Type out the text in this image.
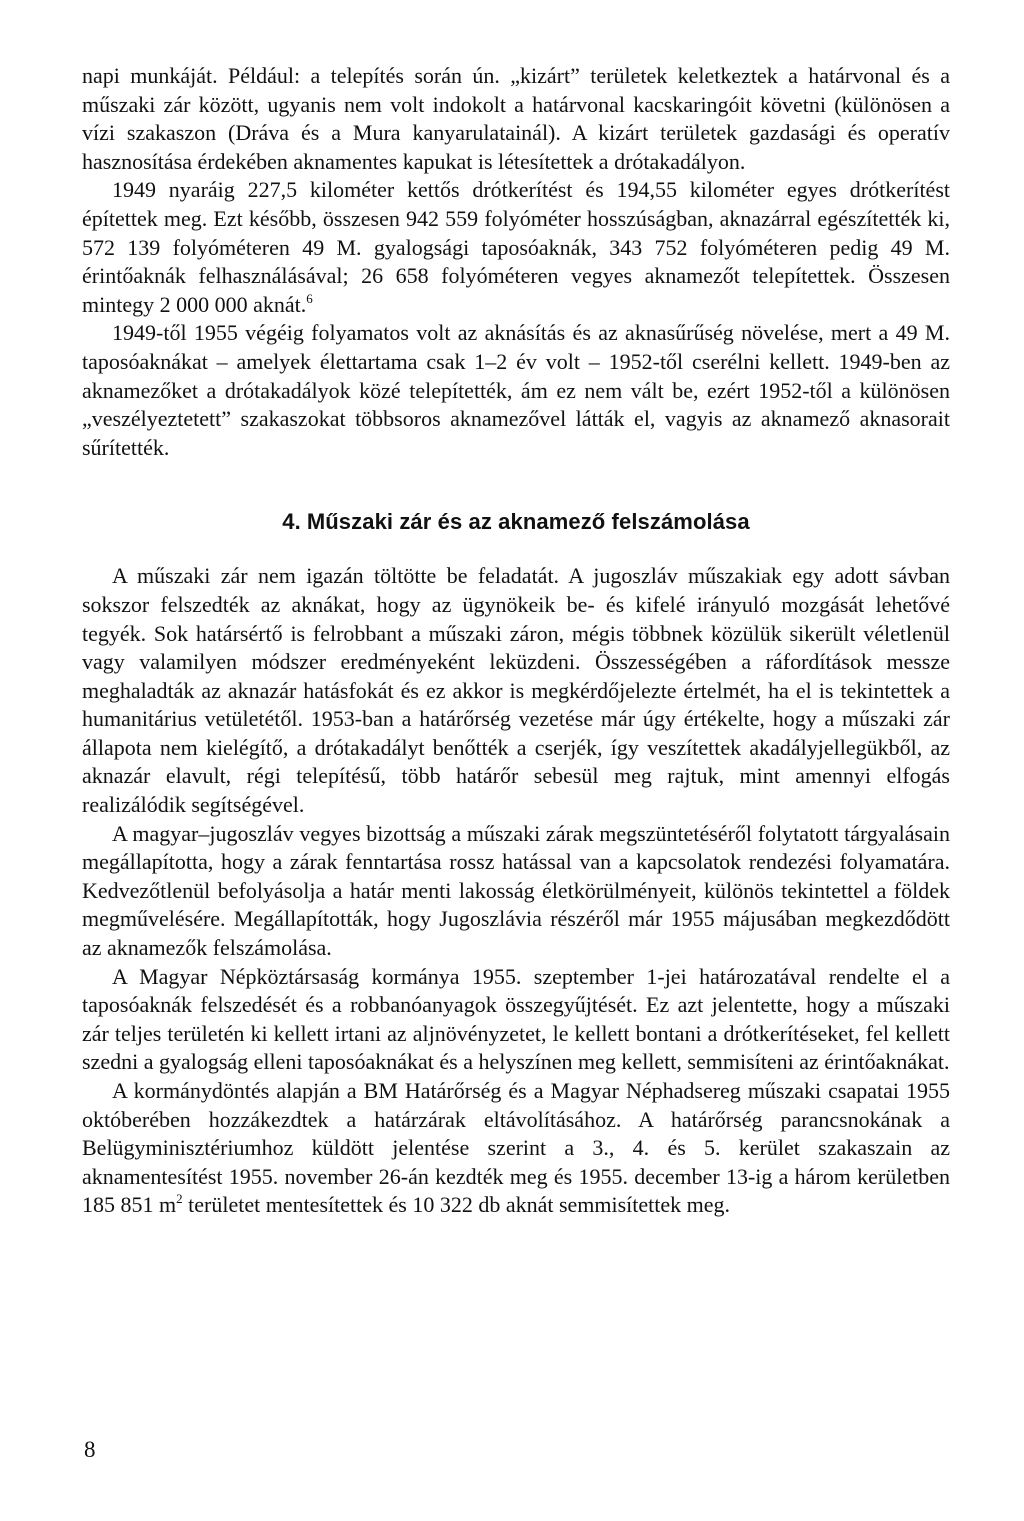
napi munkáját. Például: a telepítés során ún. „kizárt” területek keletkeztek a határvonal és a műszaki zár között, ugyanis nem volt indokolt a határvonal kacskaringóit követni (különösen a vízi szakaszon (Dráva és a Mura kanyarulatainál). A kizárt területek gazdasági és operatív hasznosítása érdekében aknamentes kapukat is létesítettek a drótakadályon.

1949 nyaráig 227,5 kilométer kettős drótkerítést és 194,55 kilométer egyes drótkerítést építettek meg. Ezt később, összesen 942 559 folyóméter hosszúságban, aknazárral egészítették ki, 572 139 folyóméteren 49 M. gyalogsági taposóaknák, 343 752 folyóméteren pedig 49 M. érintőaknák felhasználásával; 26 658 folyóméteren vegyes aknamezőt telepítettek. Összesen mintegy 2 000 000 aknát.$^6$

1949-től 1955 végéig folyamatos volt az aknásítás és az aknasűrűség növelése, mert a 49 M. taposóaknákat – amelyek élettartama csak 1–2 év volt – 1952-től cserélni kellett. 1949-ben az aknamezőket a drótakadályok közé telepítették, ám ez nem vált be, ezért 1952-től a különösen „veszélyeztetett” szakaszokat többsoros aknamezővel látták el, vagyis az aknamező aknasorait sűrítették.

4. Műszaki zár és az aknamező felszámolása

A műszaki zár nem igazán töltötte be feladatát. A jugoszláv műszakiak egy adott sávban sokszor felszedték az aknákat, hogy az ügynökeik be- és kifelé irányuló mozgását lehetővé tegyék. Sok határsértő is felrobbant a műszaki záron, mégis többnek közülük sikerült véletlenül vagy valamilyen módszer eredményeként leküzdeni. Összességében a ráfordítások messze meghaladták az aknazár hatásfokát és ez akkor is megkérdőjelezte értelmét, ha el is tekintettek a humanitárius vetületétől. 1953-ban a határőrség vezetése már úgy értékelte, hogy a műszaki zár állapota nem kielégítő, a drótakadályt benőtték a cserjék, így veszítettek akadályjellegükből, az aknazár elavult, régi telepítésű, több határőr sebesül meg rajtuk, mint amennyi elfogás realizálódik segítségével.

A magyar–jugoszláv vegyes bizottság a műszaki zárak megszüntetéséről folytatott tárgyalásain megállapította, hogy a zárak fenntartása rossz hatással van a kapcsolatok rendezési folyamatára. Kedvezőtlenül befolyásolja a határ menti lakosság életkörülményeit, különös tekintettel a földek megművelésére. Megállapították, hogy Jugoszlávia részéről már 1955 májusában megkezdődött az aknamezők felszámolása.

A Magyar Népköztársaság kormánya 1955. szeptember 1-jei határozatával rendelte el a taposóaknák felszedését és a robbanóanyagok összegyűjtését. Ez azt jelentette, hogy a műszaki zár teljes területén ki kellett irtani az aljnövényzetet, le kellett bontani a drótkerítéseket, fel kellett szedni a gyalogság elleni taposóaknákat és a helyszínen meg kellett, semmisíteni az érintőaknákat.

A kormánydöntés alapján a BM Határőrség és a Magyar Néphadsereg műszaki csapatai 1955 októberében hozzákezdtek a határzárak eltávolításához. A határőrség parancsnokának a Belügyminisztériumhoz küldött jelentése szerint a 3., 4. és 5. kerület szakaszain az aknamentesítést 1955. november 26-án kezdték meg és 1955. december 13-ig a három kerületben 185 851 $m^2$ területet mentesítettek és 10 322 db aknát semmisítettek meg.

8
